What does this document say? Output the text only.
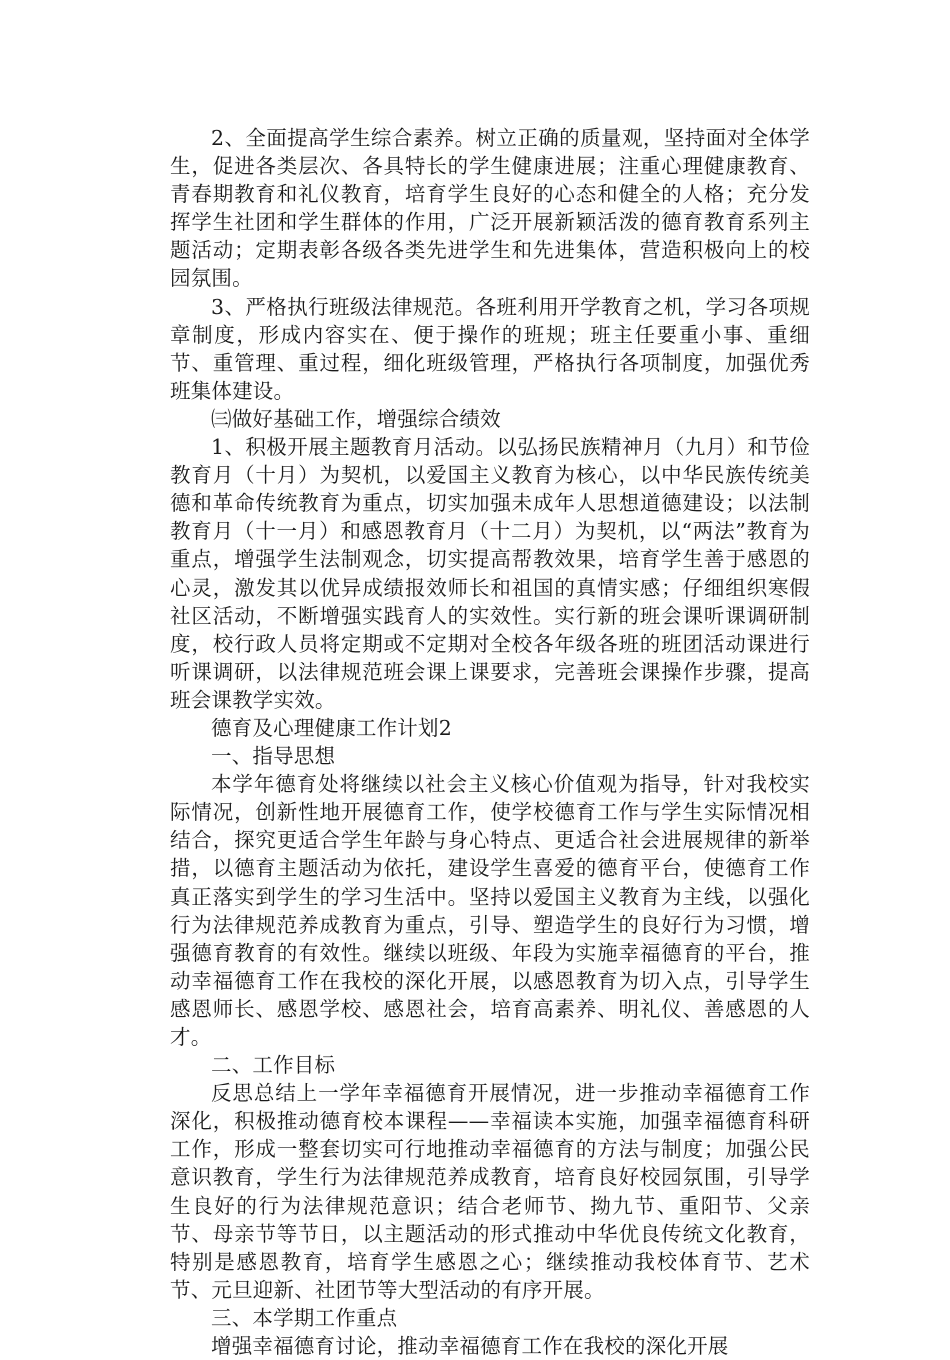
2、全面提高学生综合素养。树立正确的质量观，坚持面对全体学生，促进各类层次、各具特长的学生健康进展；注重心理健康教育、青春期教育和礼仪教育，培育学生良好的心态和健全的人格；充分发挥学生社团和学生群体的作用，广泛开展新颖活泼的德育教育系列主题活动；定期表彰各级各类先进学生和先进集体，营造积极向上的校园氛围。

3、严格执行班级法律规范。各班利用开学教育之机，学习各项规章制度，形成内容实在、便于操作的班规；班主任要重小事、重细节、重管理、重过程，细化班级管理，严格执行各项制度，加强优秀班集体建设。

㈢做好基础工作，增强综合绩效

1、积极开展主题教育月活动。以弘扬民族精神月（九月）和节俭教育月（十月）为契机，以爱国主义教育为核心，以中华民族传统美德和革命传统教育为重点，切实加强未成年人思想道德建设；以法制教育月（十一月）和感恩教育月（十二月）为契机，以“两法”教育为重点，增强学生法制观念，切实提高帮教效果，培育学生善于感恩的心灵，激发其以优异成绩报效师长和祖国的真情实感；仔细组织寒假社区活动，不断增强实践育人的实效性。实行新的班会课听课调研制度，校行政人员将定期或不定期对全校各年级各班的班团活动课进行听课调研，以法律规范班会课上课要求，完善班会课操作步骤，提高班会课教学实效。

德育及心理健康工作计划2

一、指导思想

本学年德育处将继续以社会主义核心价值观为指导，针对我校实际情况，创新性地开展德育工作，使学校德育工作与学生实际情况相结合，探究更适合学生年龄与身心特点、更适合社会进展规律的新举措，以德育主题活动为依托，建设学生喜爱的德育平台，使德育工作真正落实到学生的学习生活中。坚持以爱国主义教育为主线，以强化行为法律规范养成教育为重点，引导、塑造学生的良好行为习惯，增强德育教育的有效性。继续以班级、年段为实施幸福德育的平台，推动幸福德育工作在我校的深化开展，以感恩教育为切入点，引导学生感恩师长、感恩学校、感恩社会，培育高素养、明礼仪、善感恩的人才。

二、工作目标

反思总结上一学年幸福德育开展情况，进一步推动幸福德育工作深化，积极推动德育校本课程——幸福读本实施，加强幸福德育科研工作，形成一整套切实可行地推动幸福德育的方法与制度；加强公民意识教育，学生行为法律规范养成教育，培育良好校园氛围，引导学生良好的行为法律规范意识；结合老师节、拗九节、重阳节、父亲节、母亲节等节日，以主题活动的形式推动中华优良传统文化教育，特别是感恩教育，培育学生感恩之心；继续推动我校体育节、艺术节、元旦迎新、社团节等大型活动的有序开展。

三、本学期工作重点

增强幸福德育讨论，推动幸福德育工作在我校的深化开展
